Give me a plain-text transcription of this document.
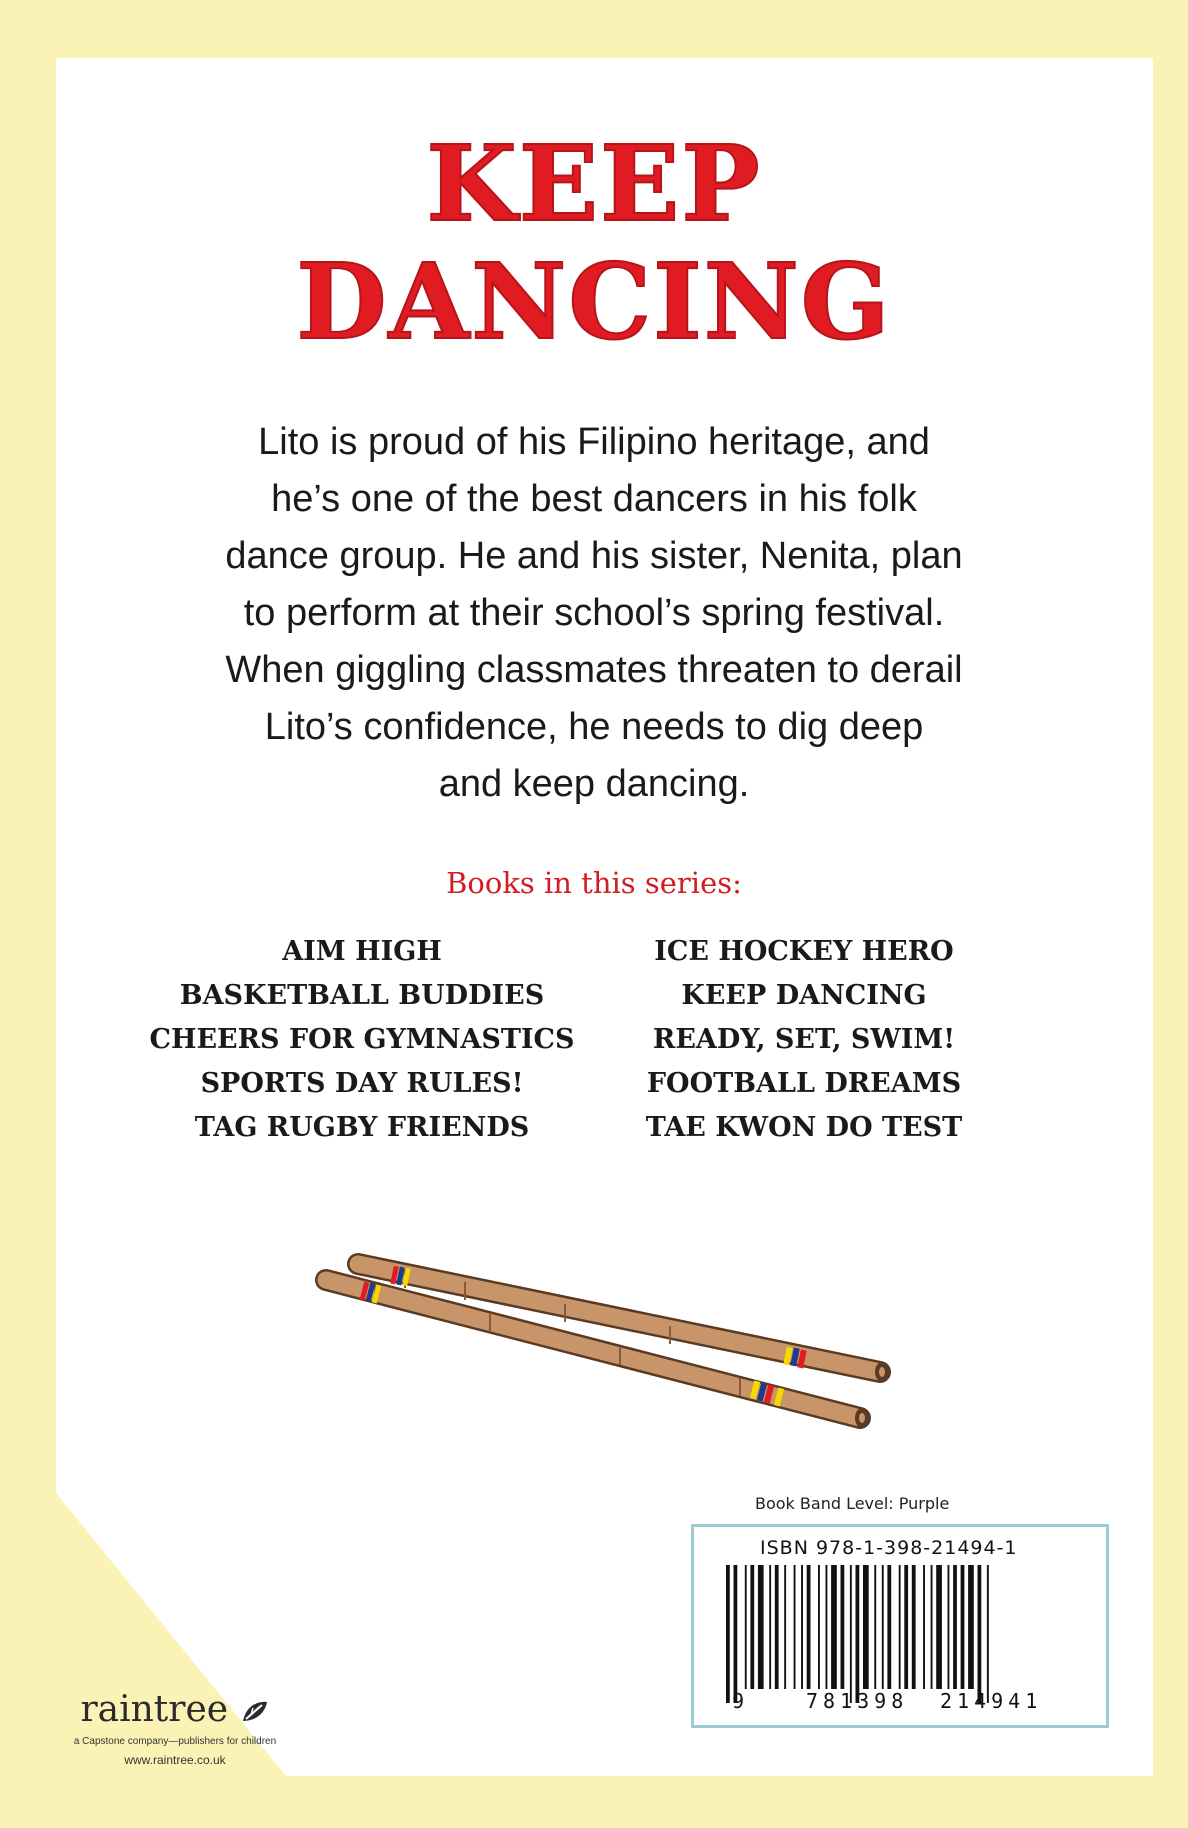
KEEP
DANCING

Lito is proud of his Filipino heritage, and
he’s one of the best dancers in his folk
dance group. He and his sister, Nenita, plan
to perform at their school’s spring festival.
When giggling classmates threaten to derail
Lito’s confidence, he needs to dig deep
and keep dancing.

Books in this series:
AIM HIGH
BASKETBALL BUDDIES
CHEERS FOR GYMNASTICS
SPORTS DAY RULES!
TAG RUGBY FRIENDS
ICE HOCKEY HERO
KEEP DANCING
READY, SET, SWIM!
FOOTBALL DREAMS
TAE KWON DO TEST
Book Band Level: Purple
ISBN 978-1-398-21494-1
9	781398 214941
raintree
a Capstone company—publishers for children
www.raintree.co.uk
